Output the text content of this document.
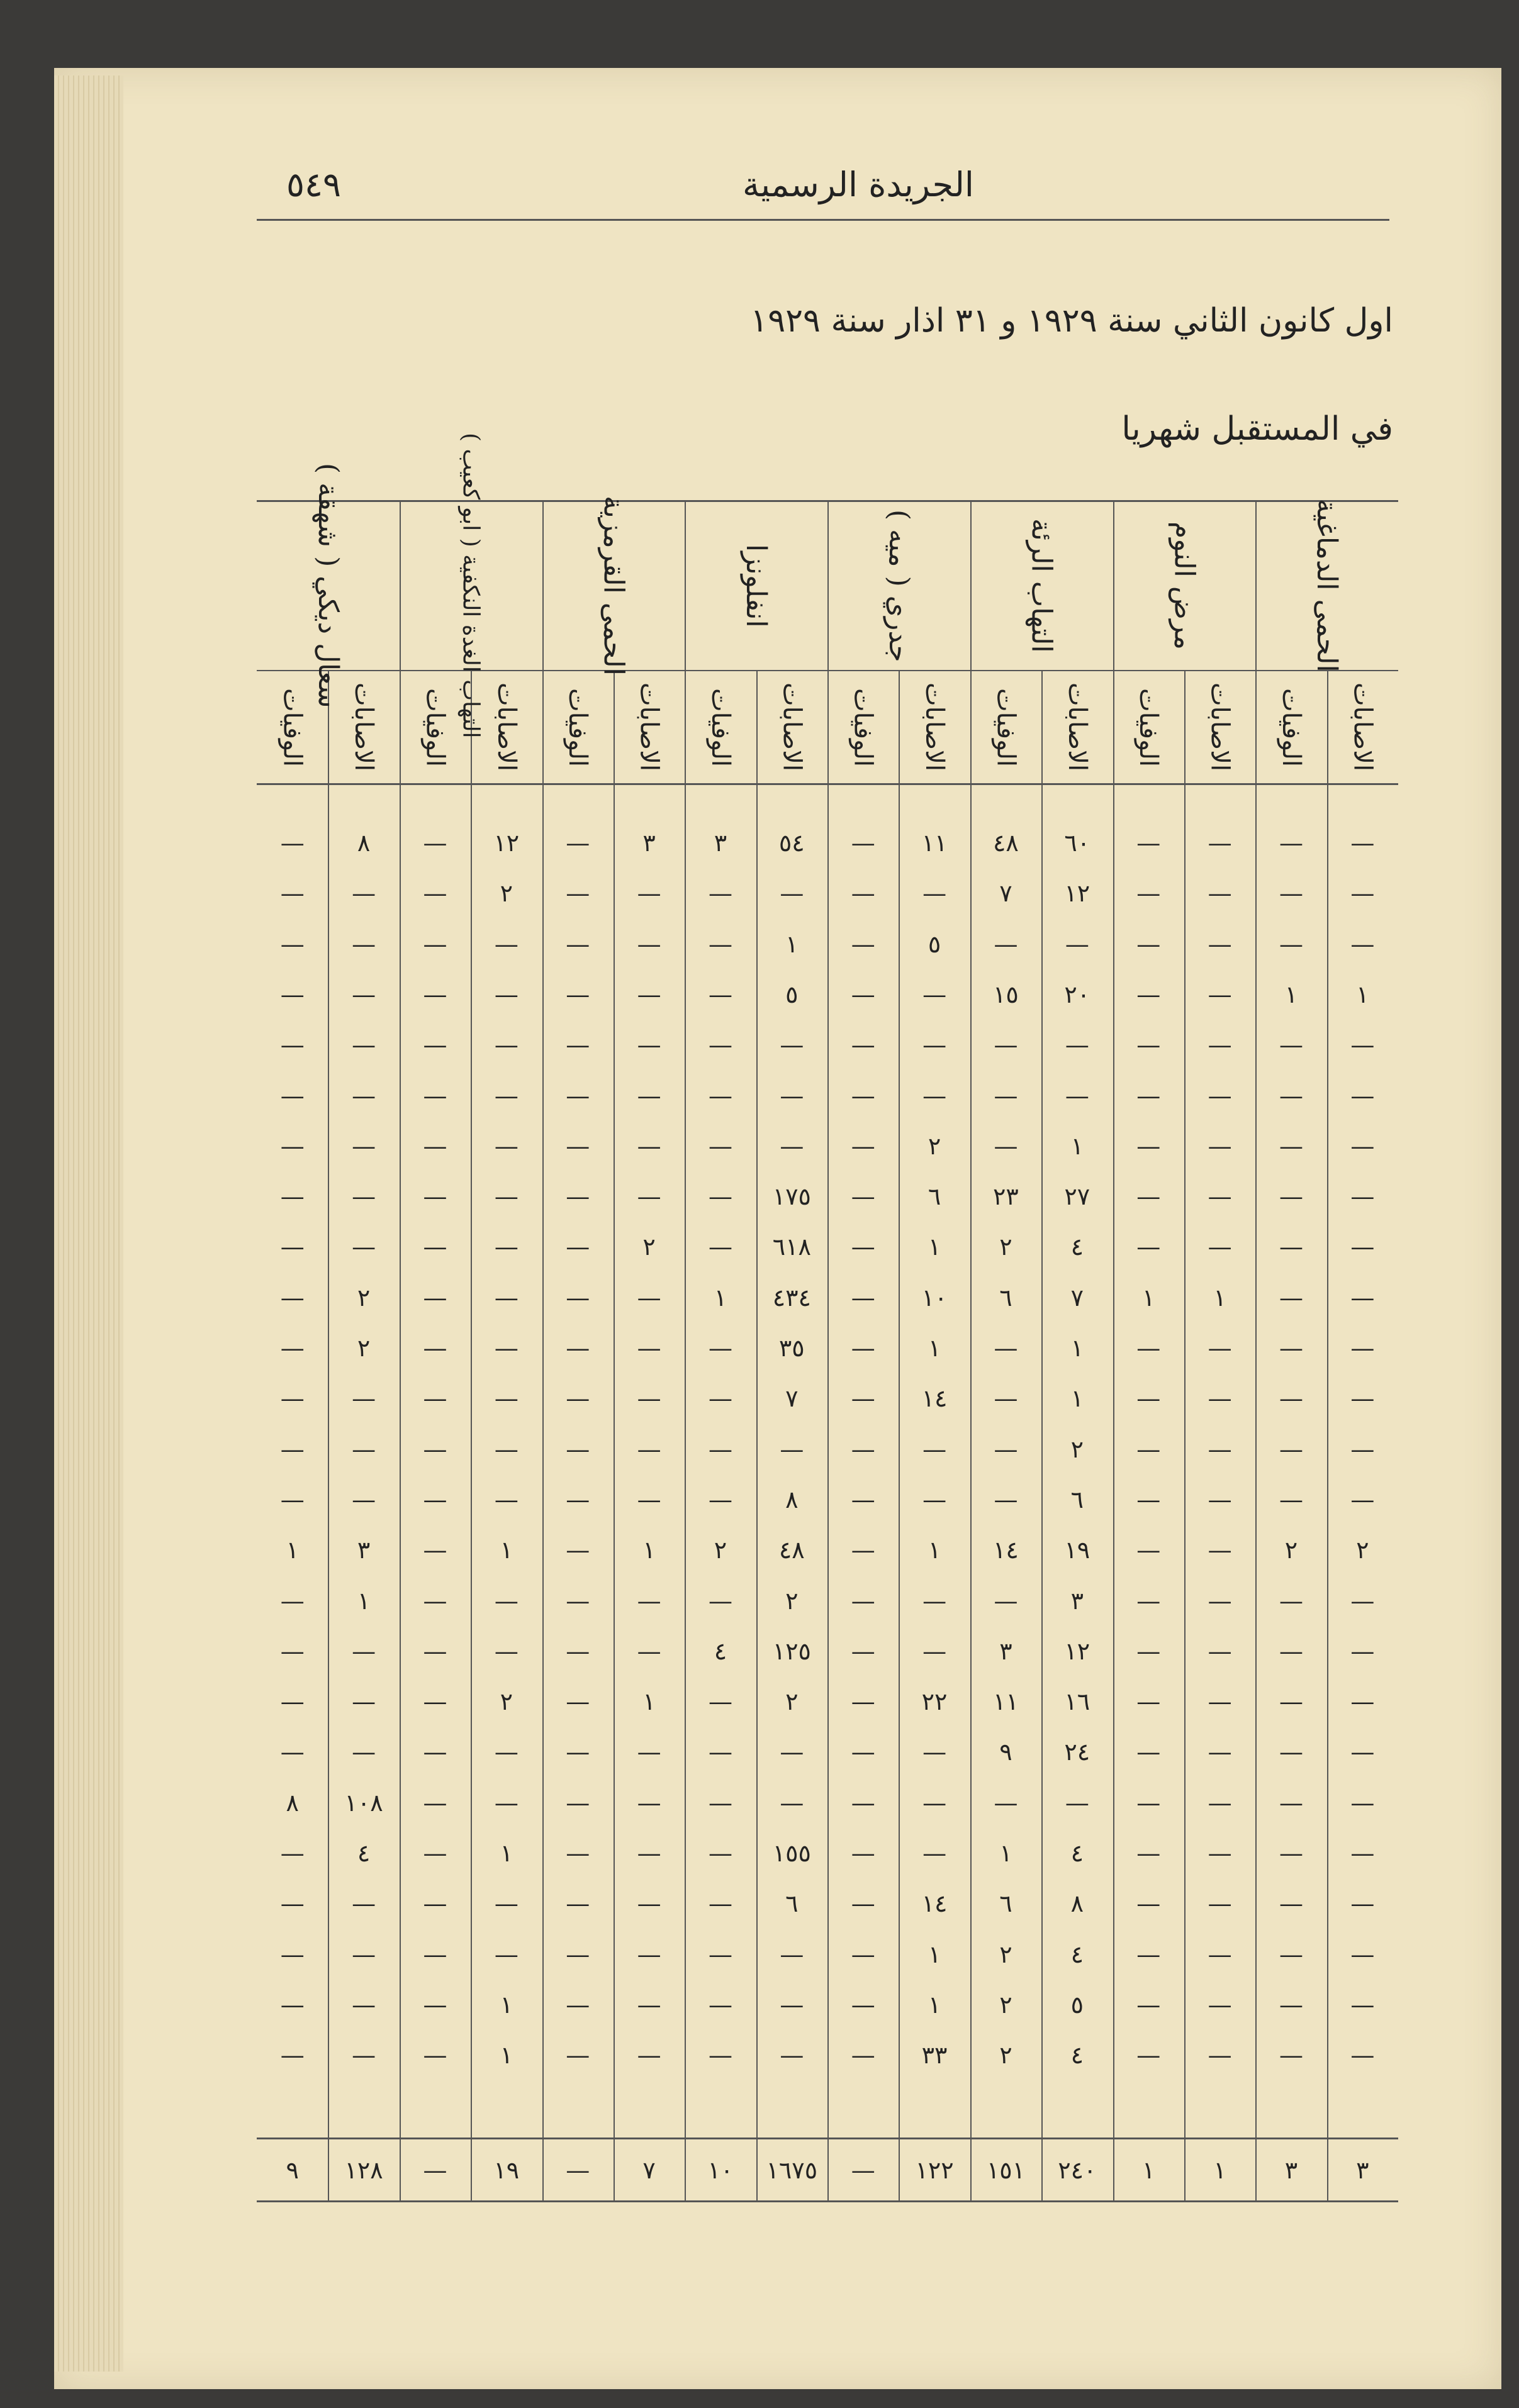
الجريدة الرسمية
٥٤٩
اول كانون الثاني سنة ١٩٢٩ و ٣١ اذار سنة ١٩٢٩
في المستقبل شهريا
الحمى الدماغية
مرض النوم
التهاب الرئة
جدري ( ميه )
انفلونزا
الحمى القرمزية
التهاب الغدة النكفية ( ابو كعيب )
سعال ديكي ( شهقة )
الاصابات
الوفيات
الاصابات
الوفيات
الاصابات
الوفيات
الاصابات
الوفيات
الاصابات
الوفيات
الاصابات
الوفيات
الاصابات
الوفيات
الاصابات
الوفيات
—
—
—
—
٦٠
٤٨
١١
—
٥٤
٣
٣
—
١٢
—
٨
—
—
—
—
—
١٢
٧
—
—
—
—
—
—
٢
—
—
—
—
—
—
—
—
—
٥
—
١
—
—
—
—
—
—
—
١
١
—
—
٢٠
١٥
—
—
٥
—
—
—
—
—
—
—
—
—
—
—
—
—
—
—
—
—
—
—
—
—
—
—
—
—
—
—
—
—
—
—
—
—
—
—
—
—
—
—
—
—
—
—
١
—
٢
—
—
—
—
—
—
—
—
—
—
—
—
—
٢٧
٢٣
٦
—
١٧٥
—
—
—
—
—
—
—
—
—
—
—
٤
٢
١
—
٦١٨
—
٢
—
—
—
—
—
—
—
١
١
٧
٦
١٠
—
٤٣٤
١
—
—
—
—
٢
—
—
—
—
—
١
—
١
—
٣٥
—
—
—
—
—
٢
—
—
—
—
—
١
—
١٤
—
٧
—
—
—
—
—
—
—
—
—
—
—
٢
—
—
—
—
—
—
—
—
—
—
—
—
—
—
—
٦
—
—
—
٨
—
—
—
—
—
—
—
٢
٢
—
—
١٩
١٤
١
—
٤٨
٢
١
—
١
—
٣
١
—
—
—
—
٣
—
—
—
٢
—
—
—
—
—
١
—
—
—
—
—
١٢
٣
—
—
١٢٥
٤
—
—
—
—
—
—
—
—
—
—
١٦
١١
٢٢
—
٢
—
١
—
٢
—
—
—
—
—
—
—
٢٤
٩
—
—
—
—
—
—
—
—
—
—
—
—
—
—
—
—
—
—
—
—
—
—
—
—
١٠٨
٨
—
—
—
—
٤
١
—
—
١٥٥
—
—
—
١
—
٤
—
—
—
—
—
٨
٦
١٤
—
٦
—
—
—
—
—
—
—
—
—
—
—
٤
٢
١
—
—
—
—
—
—
—
—
—
—
—
—
—
٥
٢
١
—
—
—
—
—
١
—
—
—
—
—
—
—
٤
٢
٣٣
—
—
—
—
—
١
—
—
—
٣
٣
١
١
٢٤٠
١٥١
١٢٢
—
١٦٧٥
١٠
٧
—
١٩
—
١٢٨
٩
